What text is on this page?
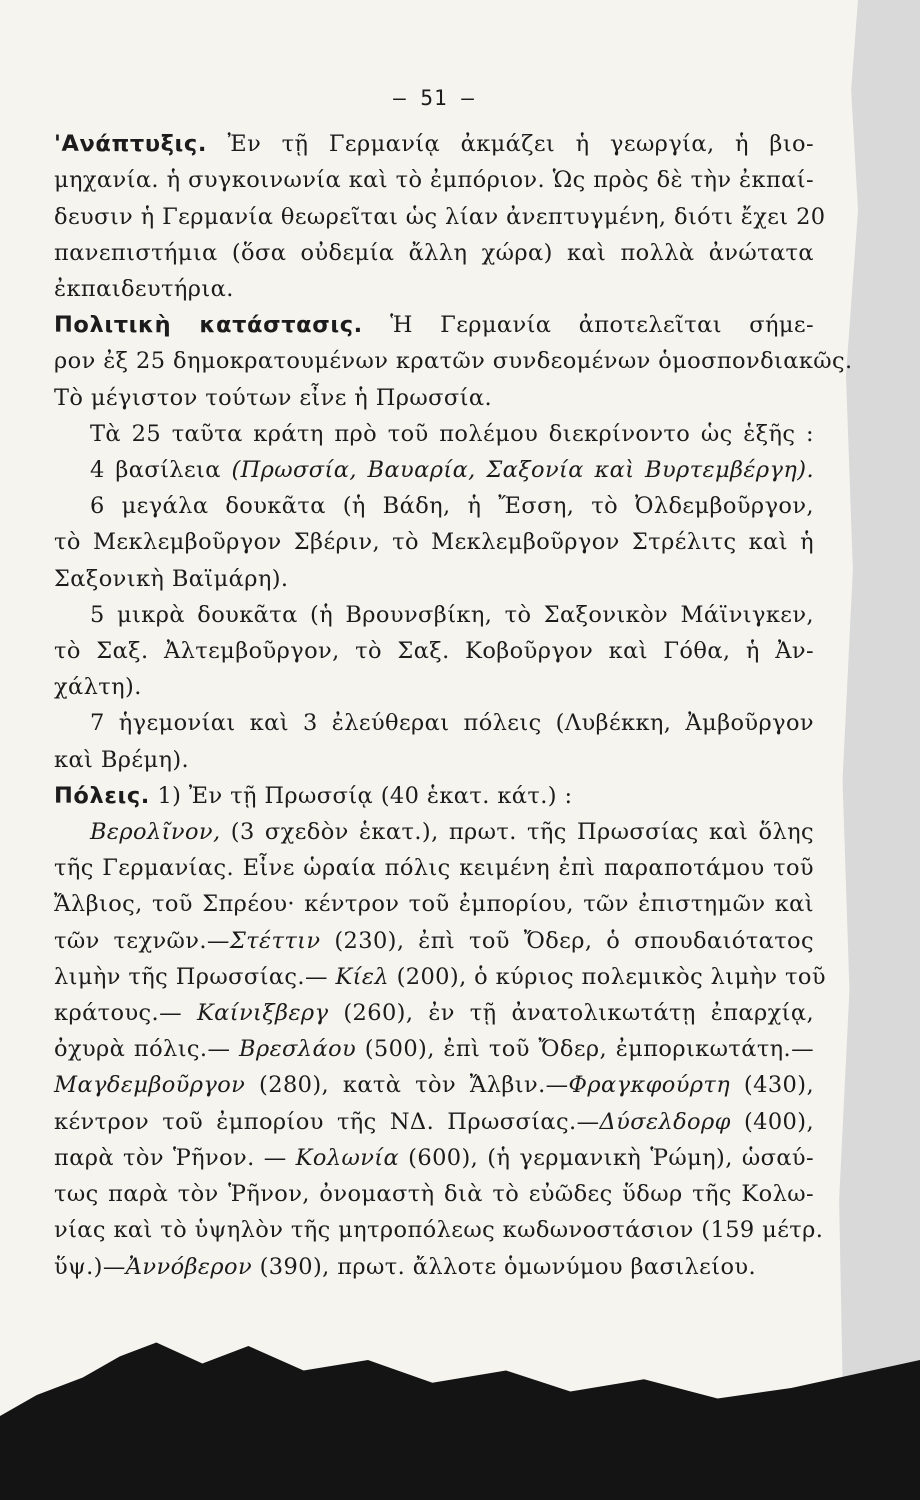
— 51 —
'Ανάπτυξις. Ἐν τῇ Γερμανίᾳ ἀκμάζει ἡ γεωργία, ἡ βιο-
μηχανία. ἡ συγκοινωνία καὶ τὸ ἐμπόριον. Ὡς πρὸς δὲ τὴν ἐκπαί-
δευσιν ἡ Γερμανία θεωρεῖται ὡς λίαν ἀνεπτυγμένη, διότι ἔχει 20
πανεπιστήμια (ὅσα οὐδεμία ἄλλη χώρα) καὶ πολλὰ ἀνώτατα
ἐκπαιδευτήρια.
Πολιτικὴ κατάστασις. Ἡ Γερμανία ἀποτελεῖται σήμε-
ρον ἐξ 25 δημοκρατουμένων κρατῶν συνδεομένων ὁμοσπονδιακῶς.
Τὸ μέγιστον τούτων εἶνε ἡ Πρωσσία.
Τὰ 25 ταῦτα κράτη πρὸ τοῦ πολέμου διεκρίνοντο ὡς ἑξῆς :
4 βασίλεια (Πρωσσία, Βαυαρία, Σαξονία καὶ Βυρτεμβέργη).
6 μεγάλα δουκᾶτα (ἡ Βάδη, ἡ Ἔσση, τὸ Ὀλδεμβοῦργον,
τὸ Μεκλεμβοῦργον Σβέριν, τὸ Μεκλεμβοῦργον Στρέλιτς καὶ ἡ
Σαξονικὴ Βαϊμάρη).
5 μικρὰ δουκᾶτα (ἡ Βρουνσβίκη, τὸ Σαξονικὸν Μάϊνιγκεν,
τὸ Σαξ. Ἀλτεμβοῦργον, τὸ Σαξ. Κοβοῦργον καὶ Γόθα, ἡ Ἀν-
χάλτη).
7 ἡγεμονίαι καὶ 3 ἐλεύθεραι πόλεις (Λυβέκκη, Ἀμβοῦργον
καὶ Βρέμη).
Πόλεις. 1) Ἐν τῇ Πρωσσίᾳ (40 ἑκατ. κάτ.) :
Βερολῖνον, (3 σχεδὸν ἑκατ.), πρωτ. τῆς Πρωσσίας καὶ ὅλης
τῆς Γερμανίας. Εἶνε ὡραία πόλις κειμένη ἐπὶ παραποτάμου τοῦ
Ἄλβιος, τοῦ Σπρέου· κέντρον τοῦ ἐμπορίου, τῶν ἐπιστημῶν καὶ
τῶν τεχνῶν.—Στέττιν (230), ἐπὶ τοῦ Ὄδερ, ὁ σπουδαιότατος
λιμὴν τῆς Πρωσσίας.— Κίελ (200), ὁ κύριος πολεμικὸς λιμὴν τοῦ
κράτους.— Καίνιξβεργ (260), ἐν τῇ ἀνατολικωτάτῃ ἐπαρχίᾳ,
ὀχυρὰ πόλις.— Βρεσλάου (500), ἐπὶ τοῦ Ὄδερ, ἐμπορικωτάτη.—
Μαγδεμβοῦργον (280), κατὰ τὸν Ἄλβιν.—Φραγκφούρτη (430),
κέντρον τοῦ ἐμπορίου τῆς ΝΔ. Πρωσσίας.—Δύσελδορφ (400),
παρὰ τὸν Ῥῆνον. — Κολωνία (600), (ἡ γερμανικὴ Ῥώμη), ὡσαύ-
τως παρὰ τὸν Ῥῆνον, ὀνομαστὴ διὰ τὸ εὐῶδες ὕδωρ τῆς Κολω-
νίας καὶ τὸ ὑψηλὸν τῆς μητροπόλεως κωδωνοστάσιον (159 μέτρ.
ὕψ.)—Ἀννόβερον (390), πρωτ. ἄλλοτε ὁμωνύμου βασιλείου.
